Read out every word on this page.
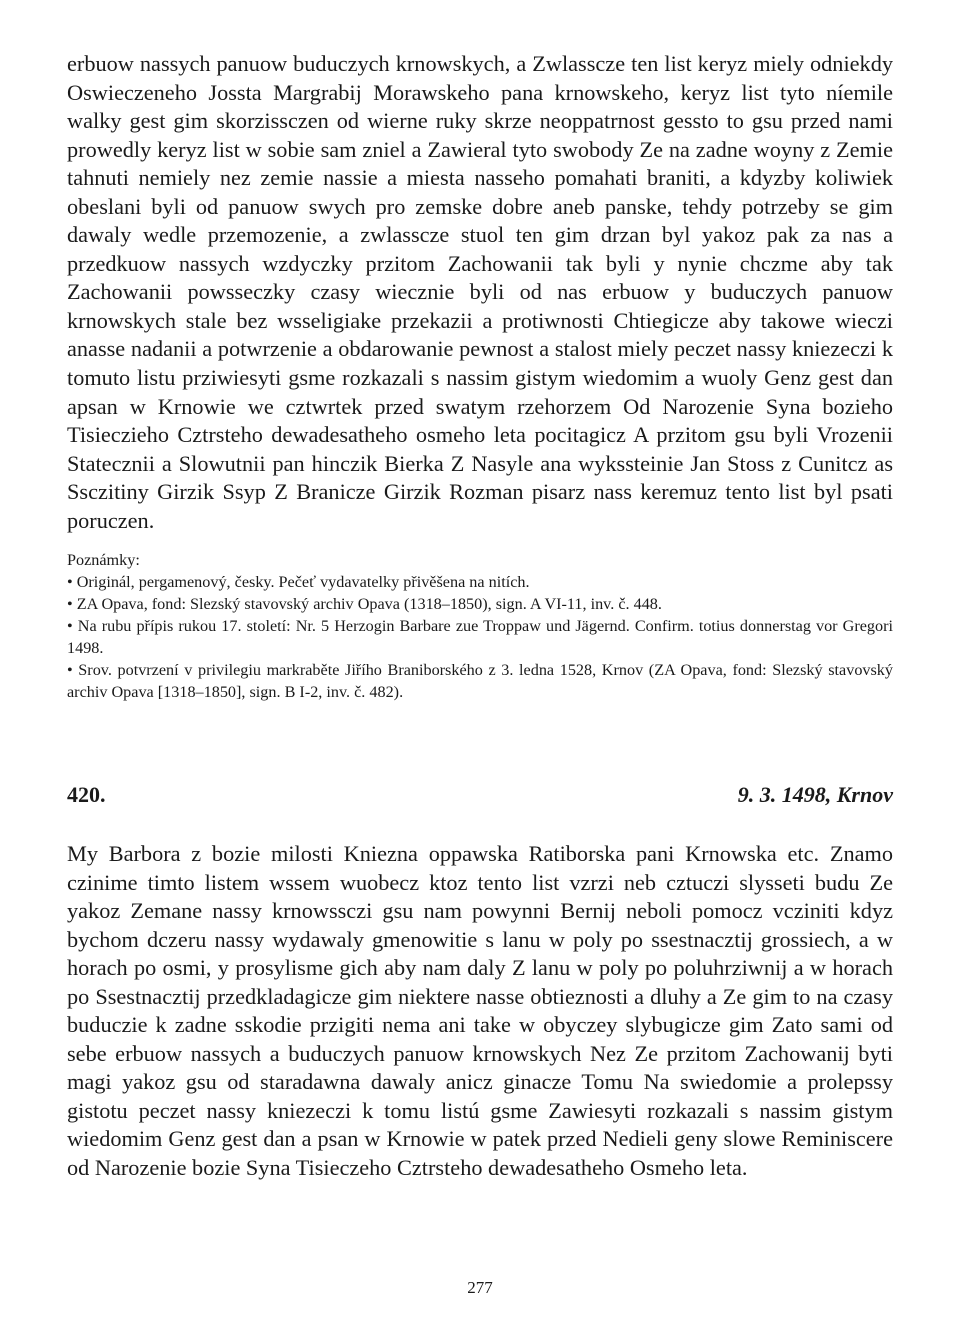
erbuow nassych panuow buduczych krnowskych, a Zwlasscze ten list keryz miely odniekdy Oswieczeneho Jossta Margrabij Morawskeho pana krnowskeho, keryz list tyto níemile walky gest gim skorzissczen od wierne ruky skrze neoppatrnost gessto to gsu przed nami prowedly keryz list w sobie sam zniel a Zawieral tyto swobody Ze na zadne woyny z Zemie tahnuti nemiely nez zemie nassie a miesta nasseho pomahati braniti, a kdyzby koliwiek obeslani byli od panuow swych pro zemske dobre aneb panske, tehdy potrzeby se gim dawaly wedle przemozenie, a zwlasscze stuol ten gim drzan byl yakoz pak za nas a przedkuow nassych wzdyczky przitom Zachowanii tak byli y nynie chczme aby tak Zachowanii powsseczky czasy wiecznie byli od nas erbuow y buduczych panuow krnowskych stale bez wsseligiake przekazii a protiwnosti Chtiegicze aby takowe wieczi anasse nadanii a potwrzenie a obdarowanie pewnost a stalost miely peczet nassy kniezeczi k tomuto listu prziwiesyti gsme rozkazali s nassim gistym wiedomim a wuoly Genz gest dan apsan w Krnowie we cztwrtek przed swatym rzehorzem Od Narozenie Syna bozieho Tisiecziehо Cztrsteho dewadesatheho osmeho leta pocitagicz A przitom gsu byli Vrozenii Statecznii a Slowutnii pan hinczik Bierka Z Nasyle ana wyksstеinie Jan Stoss z Cunitcz as Ssczitiny Girzik Ssyp Z Branicze Girzik Rozman pisarz nass keremuz tento list byl psati poruczen.

Poznámky:

• Originál, pergamenový, česky. Pečeť vydavatelky přivěšena na nitích.

• ZA Opava, fond: Slezský stavovský archiv Opava (1318–1850), sign. A VI-11, inv. č. 448.

• Na rubu přípis rukou 17. století: Nr. 5 Herzogin Barbare zue Troppaw und Jägernd. Confirm. totius donnerstag vor Gregori 1498.

• Srov. potvrzení v privilegiu markraběte Jiřího Braniborského z 3. ledna 1528, Krnov (ZA Opava, fond: Slezský stavovský archiv Opava [1318–1850], sign. B I-2, inv. č. 482).

420.	9. 3. 1498, Krnov

My Barbora z bozie milosti Kniezna oppawska Ratiborska pani Krnowska etc. Znamo czinime timto listem wssem wuobecz ktoz tento list vzrzi neb cztuczi slysseti budu Ze yakoz Zemane nassy krnowssczi gsu nam powynni Bernij neboli pomocz vcziniti kdyz bychom dczeru nassy wydawaly gmenowitie s lanu w poly po ssestnacztij grossiech, a w horach po osmi, y prosylisme gich aby nam daly Z lanu w poly po poluhrziwnij a w horach po Ssestnacztij przedkladagicze gim niektere nasse obtieznosti a dluhy a Ze gim to na czasy buduczie k zadne sskodie przigiti nema ani take w obyczey slybugicze gim Zato sami od sebe erbuow nassych a buduczych panuow krnowskych Nez Ze przitom Zachowanij byti magi yakoz gsu od staradawna dawaly anicz ginacze Tomu Na swiedomie a prolepssy gistotu peczet nassy kniezeczi k tomu listú gsme Zawiesyti rozkazali s nassim gistym wiedomim Genz gest dan a psan w Krnowie w patek przed Nedieli geny slowe Reminiscere od Narozenie bozie Syna Tisieczeho Cztrsteho dewadesatheho Osmeho leta.

277
